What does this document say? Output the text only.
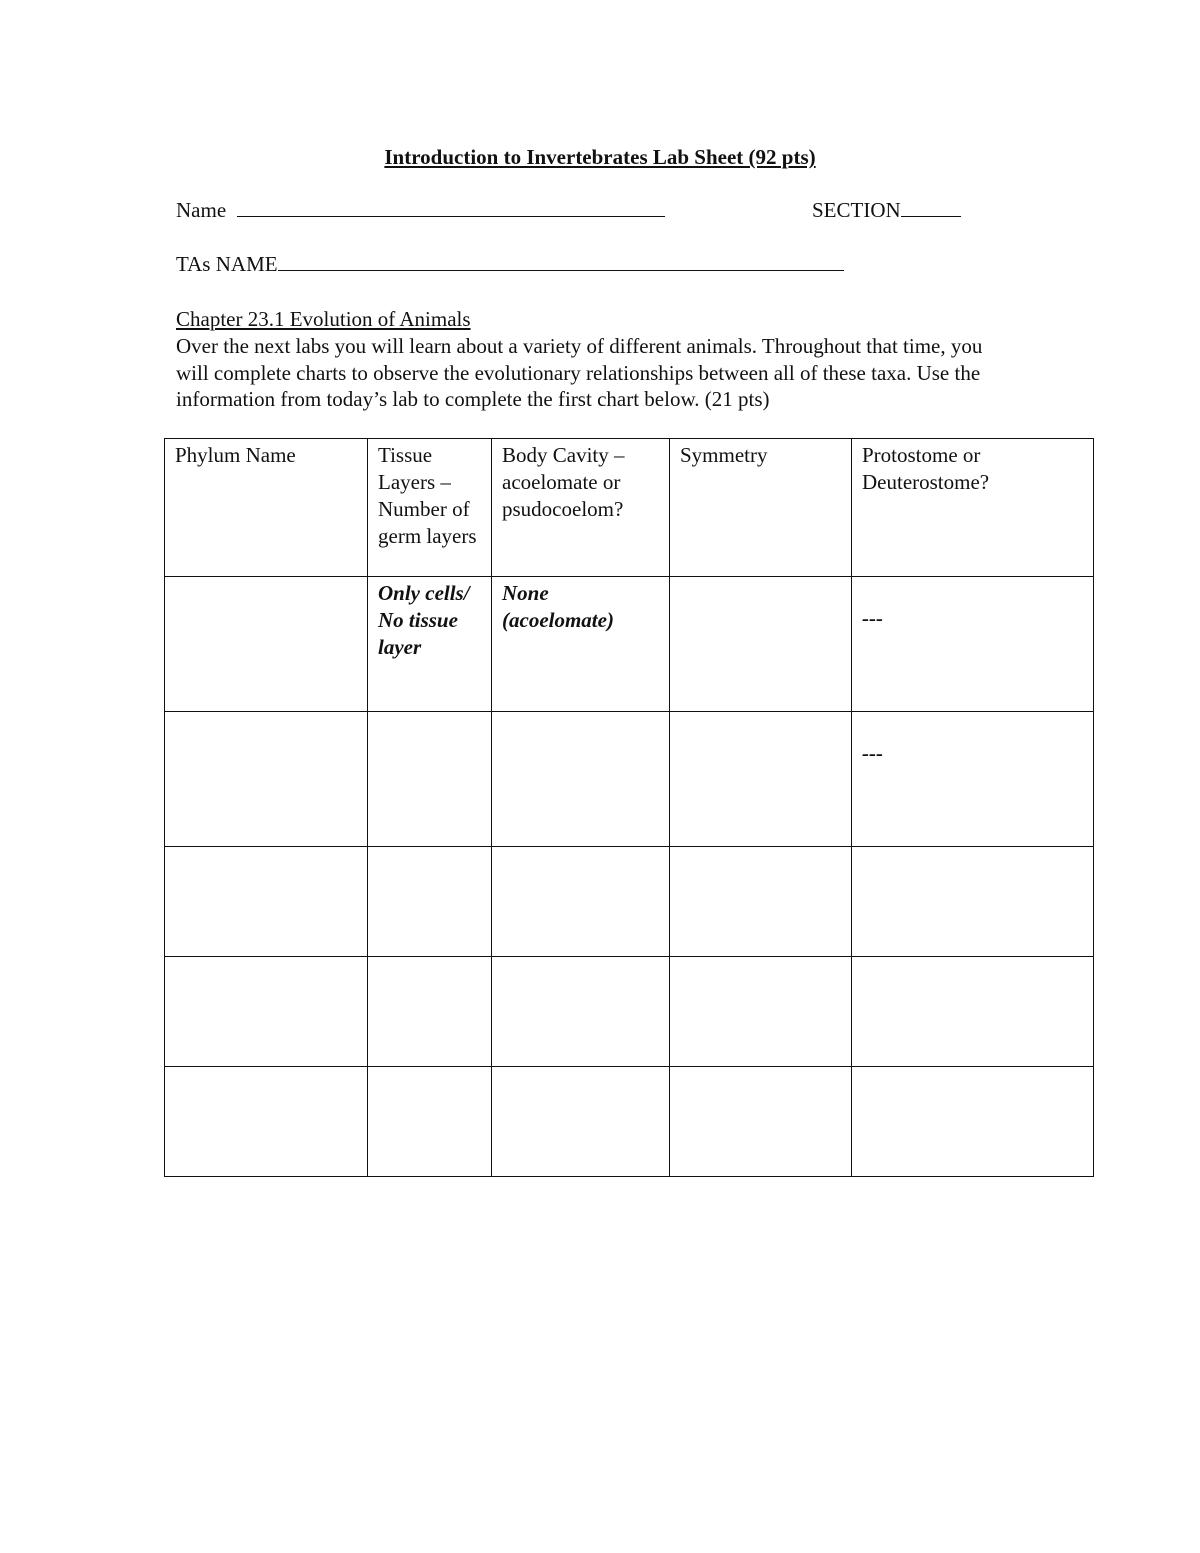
Introduction to Invertebrates Lab Sheet (92 pts)
Name	SECTION
TAs NAME
Chapter 23.1 Evolution of Animals
Over the next labs you will learn about a variety of different animals. Throughout that time, you will complete charts to observe the evolutionary relationships between all of these taxa. Use the information from today’s lab to complete the first chart below. (21 pts)
Phylum Name	Tissue Layers – Number of germ layers	Body Cavity – acoelomate or psudocoelom?	Symmetry	Protostome or Deuterostome?
	Only cells/ No tissue layer	None (acoelomate)		---
				---
